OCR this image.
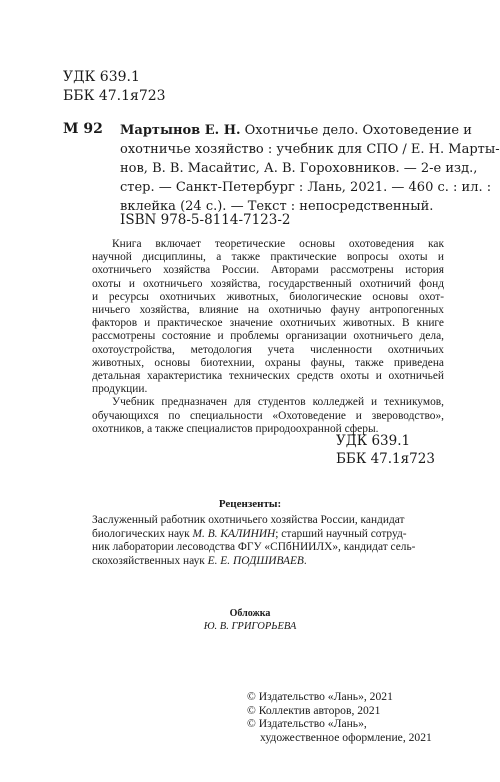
УДК 639.1
ББК 47.1я723
М 92 Мартынов Е. Н. Охотничье дело. Охотоведение и
охотничье хозяйство : учебник для СПО / Е. Н. Марты-
нов, В. В. Масайтис, А. В. Гороховников. — 2-е изд.,
стер. — Санкт-Петербург : Лань, 2021. — 460 с. : ил. :
вклейка (24 с.). — Текст : непосредственный.
ISBN 978-5-8114-7123-2
Книга включает теоретические основы охотоведения как
научной дисциплины, а также практические вопросы охоты и
охотничьего хозяйства России. Авторами рассмотрены история
охоты и охотничьего хозяйства, государственный охотничий фонд
и ресурсы охотничьих животных, биологические основы охот-
ничьего хозяйства, влияние на охотничью фауну антропогенных
факторов и практическое значение охотничьих животных. В книге
рассмотрены состояние и проблемы организации охотничьего дела,
охотоустройства, методология учета численности охотничьих
животных, основы биотехнии, охраны фауны, также приведена
детальная характеристика технических средств охоты и охотничьей
продукции.
Учебник предназначен для студентов колледжей и техникумов,
обучающихся по специальности «Охотоведение и звероводство»,
охотников, а также специалистов природоохранной сферы.
УДК 639.1
ББК 47.1я723
Рецензенты:
Заслуженный работник охотничьего хозяйства России, кандидат
биологических наук М. В. КАЛИНИН; старший научный сотруд-
ник лаборатории лесоводства ФГУ «СПбНИИЛХ», кандидат сель-
скохозяйственных наук Е. Е. ПОДШИВАЕВ.
Обложка
Ю. В. ГРИГОРЬЕВА
© Издательство «Лань», 2021
© Коллектив авторов, 2021
© Издательство «Лань»,
художественное оформление, 2021
